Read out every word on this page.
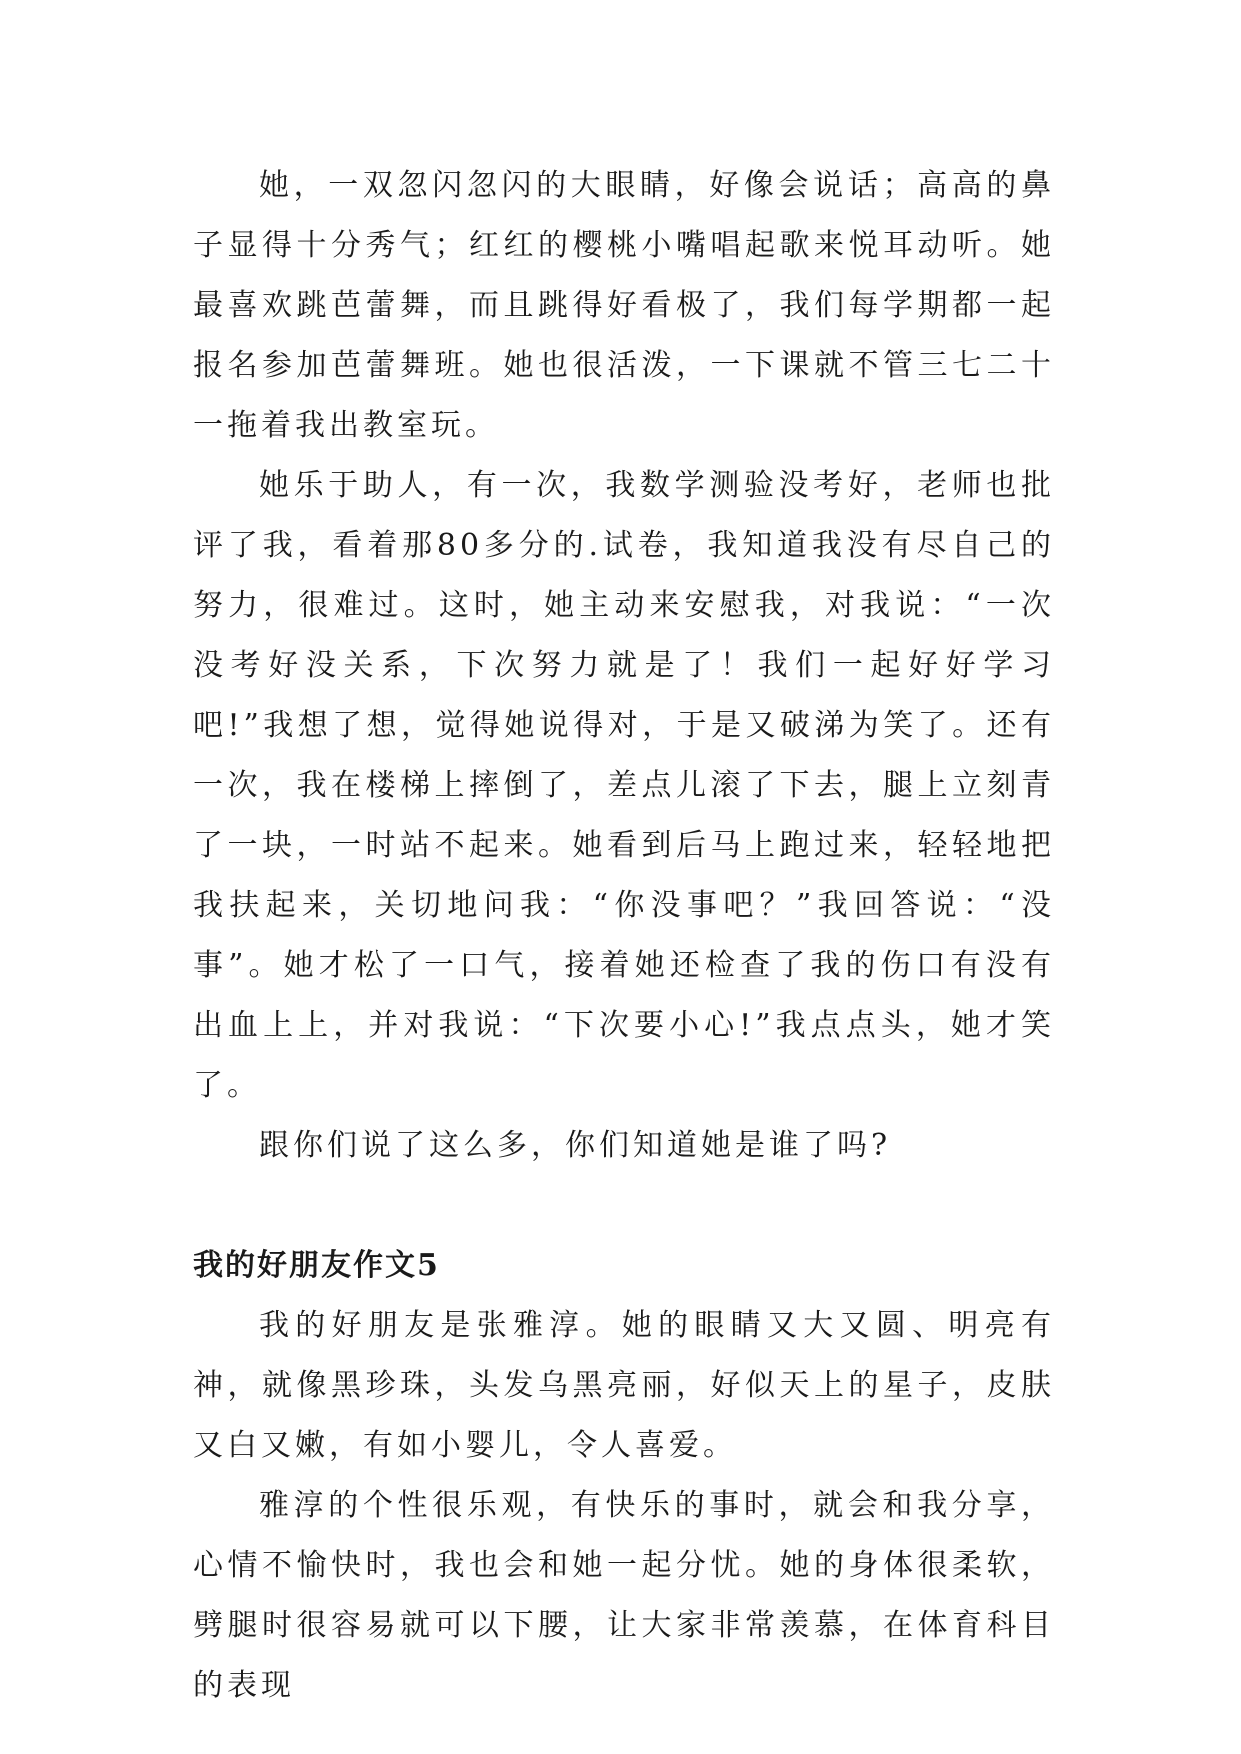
她，一双忽闪忽闪的大眼睛，好像会说话；高高的鼻子显得十分秀气；红红的樱桃小嘴唱起歌来悦耳动听。她最喜欢跳芭蕾舞，而且跳得好看极了，我们每学期都一起报名参加芭蕾舞班。她也很活泼，一下课就不管三七二十一拖着我出教室玩。

她乐于助人，有一次，我数学测验没考好，老师也批评了我，看着那80多分的.试卷，我知道我没有尽自己的努力，很难过。这时，她主动来安慰我，对我说：“一次没考好没关系，下次努力就是了！我们一起好好学习吧!”我想了想，觉得她说得对，于是又破涕为笑了。还有一次，我在楼梯上摔倒了，差点儿滚了下去，腿上立刻青了一块，一时站不起来。她看到后马上跑过来，轻轻地把我扶起来，关切地问我：“你没事吧？”我回答说：“没事”。她才松了一口气，接着她还检查了我的伤口有没有出血上上，并对我说：“下次要小心!”我点点头，她才笑了。

跟你们说了这么多，你们知道她是谁了吗?

我的好朋友作文5

我的好朋友是张雅淳。她的眼睛又大又圆、明亮有神，就像黑珍珠，头发乌黑亮丽，好似天上的星子，皮肤又白又嫩，有如小婴儿，令人喜爱。

雅淳的个性很乐观，有快乐的事时，就会和我分享，心情不愉快时，我也会和她一起分忧。她的身体很柔软，劈腿时很容易就可以下腰，让大家非常羡慕，在体育科目的表现
